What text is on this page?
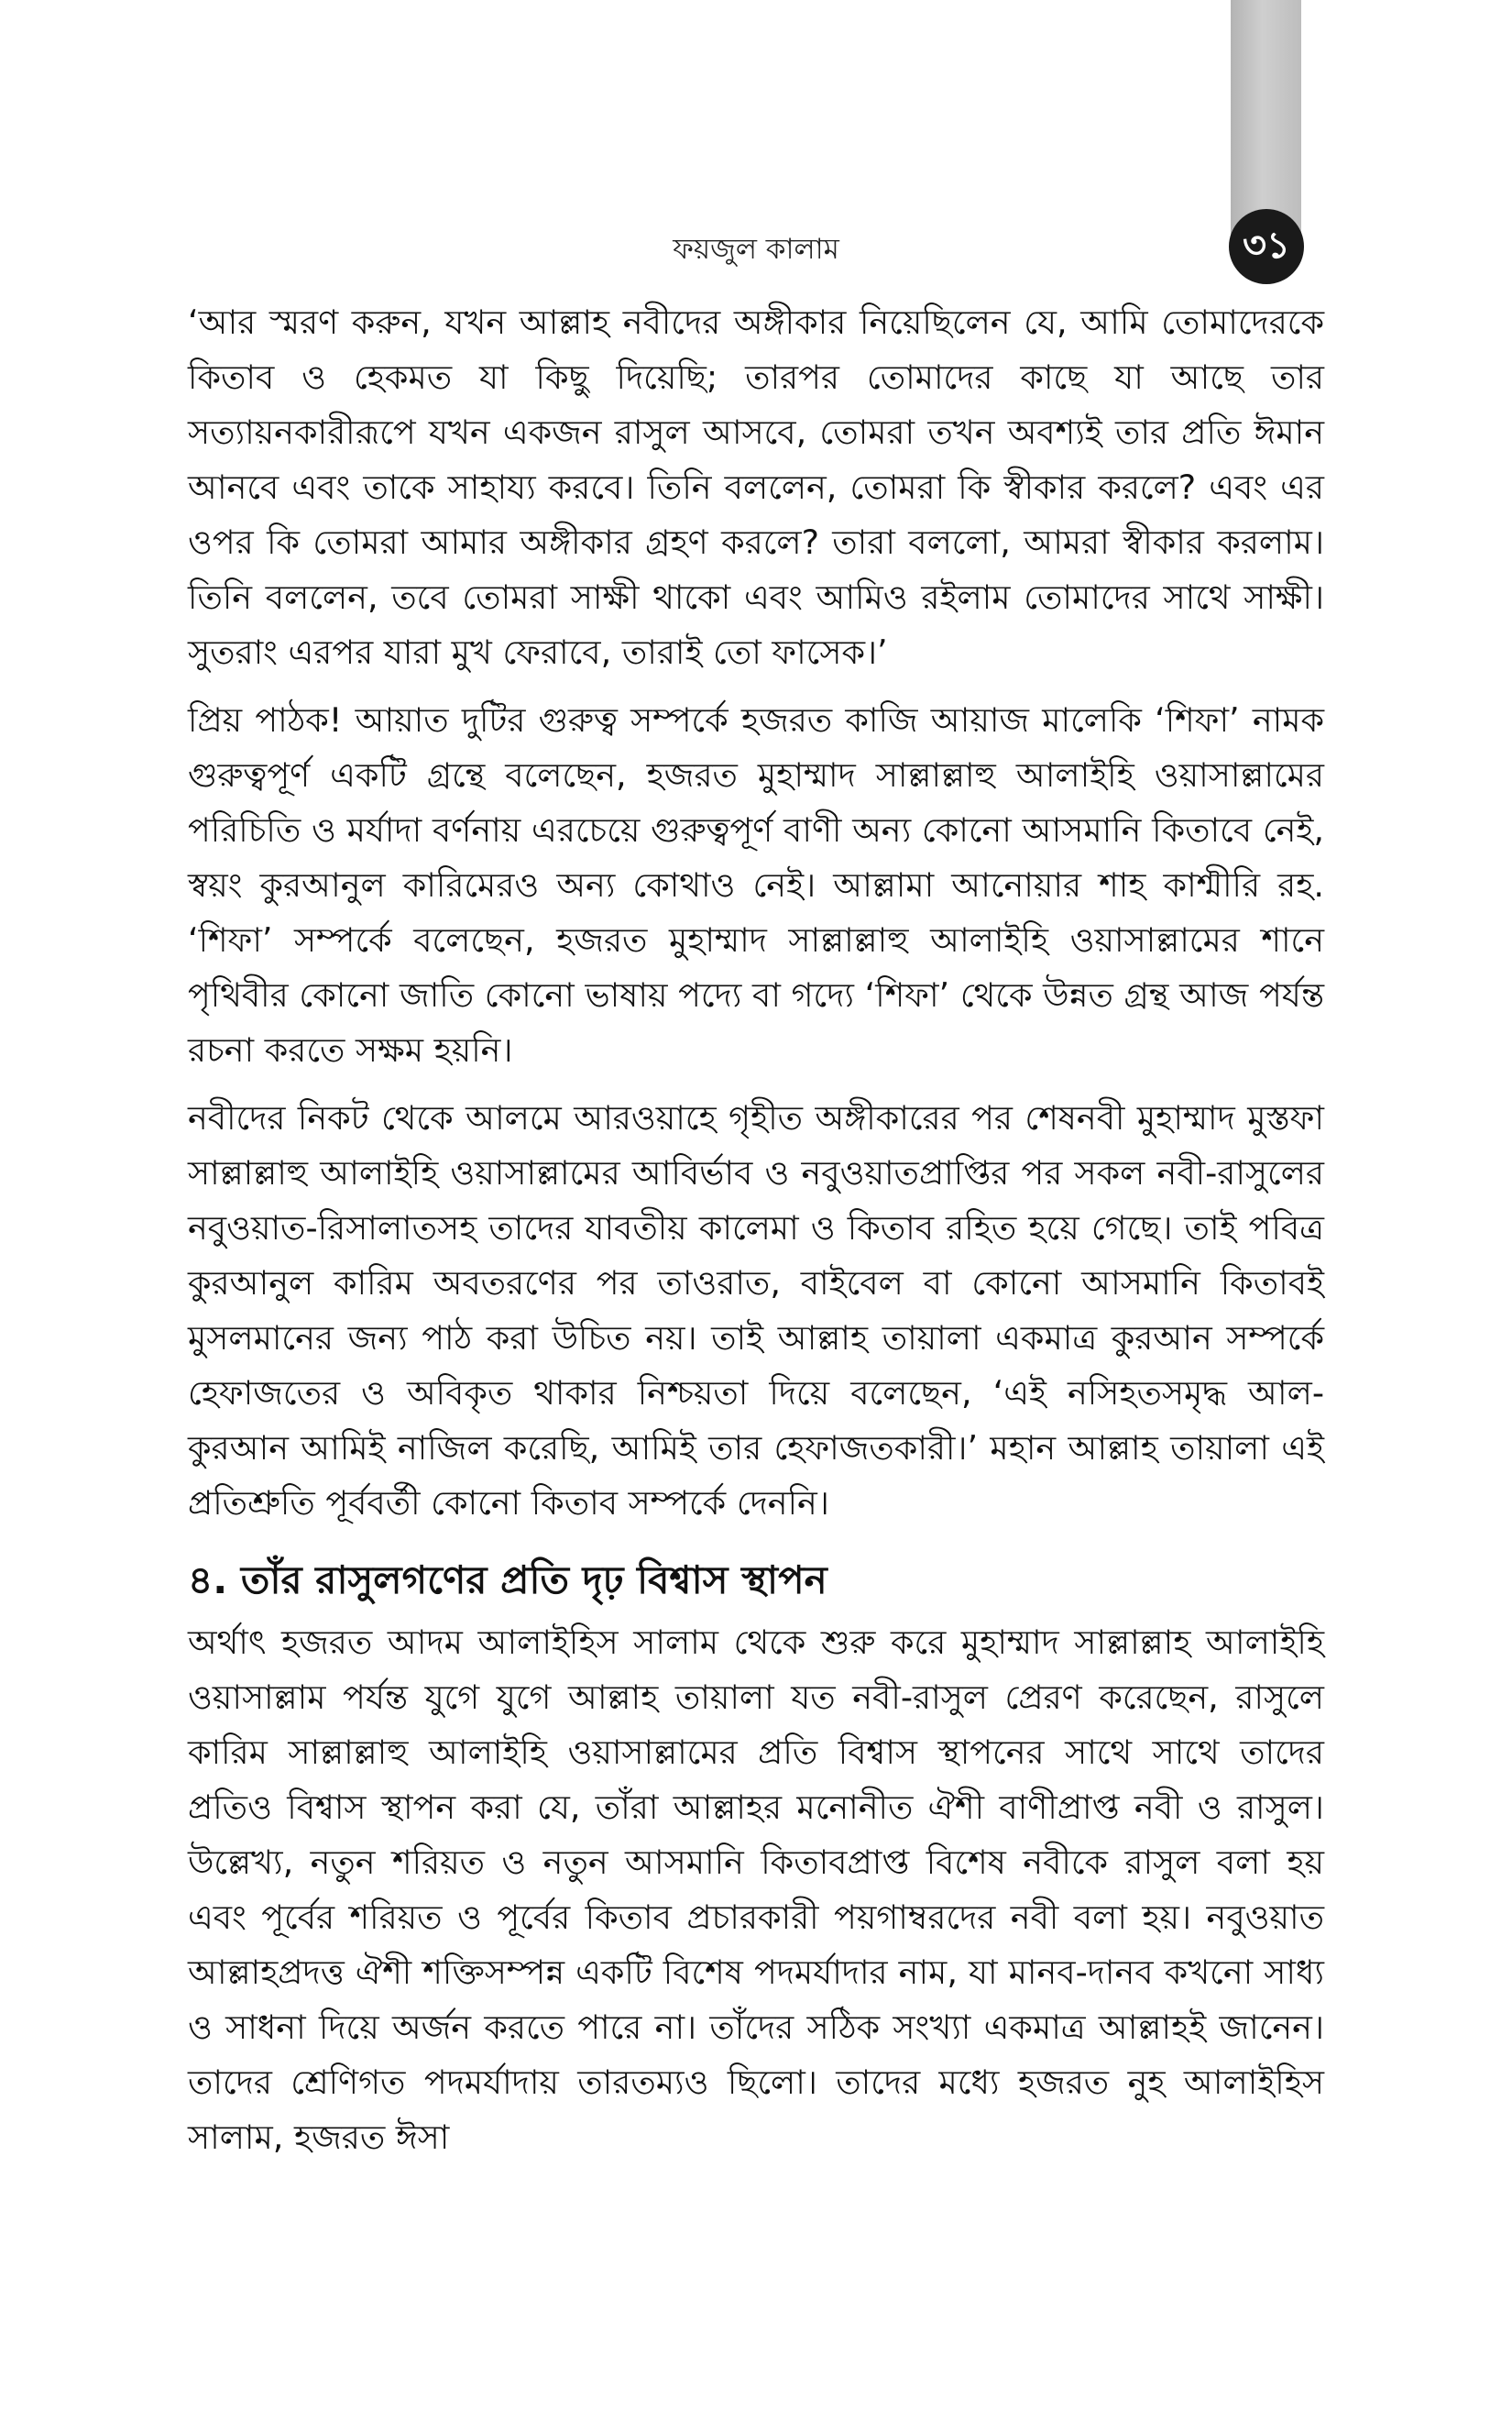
৩১
ফয়জুল কালাম

‘আর স্মরণ করুন, যখন আল্লাহ নবীদের অঙ্গীকার নিয়েছিলেন যে, আমি তোমাদেরকে কিতাব ও হেকমত যা কিছু দিয়েছি; তারপর তোমাদের কাছে যা আছে তার সত্যায়নকারীরূপে যখন একজন রাসুল আসবে, তোমরা তখন অবশ্যই তার প্রতি ঈমান আনবে এবং তাকে সাহায্য করবে। তিনি বললেন, তোমরা কি স্বীকার করলে? এবং এর ওপর কি তোমরা আমার অঙ্গীকার গ্রহণ করলে? তারা বললো, আমরা স্বীকার করলাম। তিনি বললেন, তবে তোমরা সাক্ষী থাকো এবং আমিও রইলাম তোমাদের সাথে সাক্ষী। সুতরাং এরপর যারা মুখ ফেরাবে, তারাই তো ফাসেক।’

প্রিয় পাঠক! আয়াত দুটির গুরুত্ব সম্পর্কে হজরত কাজি আয়াজ মালেকি ‘শিফা’ নামক গুরুত্বপূর্ণ একটি গ্রন্থে বলেছেন, হজরত মুহাম্মাদ সাল্লাল্লাহু আলাইহি ওয়াসাল্লামের পরিচিতি ও মর্যাদা বর্ণনায় এরচেয়ে গুরুত্বপূর্ণ বাণী অন্য কোনো আসমানি কিতাবে নেই, স্বয়ং কুরআনুল কারিমেরও অন্য কোথাও নেই। আল্লামা আনোয়ার শাহ কাশ্মীরি রহ. ‘শিফা’ সম্পর্কে বলেছেন, হজরত মুহাম্মাদ সাল্লাল্লাহু আলাইহি ওয়াসাল্লামের শানে পৃথিবীর কোনো জাতি কোনো ভাষায় পদ্যে বা গদ্যে ‘শিফা’ থেকে উন্নত গ্রন্থ আজ পর্যন্ত রচনা করতে সক্ষম হয়নি।

নবীদের নিকট থেকে আলমে আরওয়াহে গৃহীত অঙ্গীকারের পর শেষনবী মুহাম্মাদ মুস্তফা সাল্লাল্লাহু আলাইহি ওয়াসাল্লামের আবির্ভাব ও নবুওয়াতপ্রাপ্তির পর সকল নবী-রাসুলের নবুওয়াত-রিসালাতসহ তাদের যাবতীয় কালেমা ও কিতাব রহিত হয়ে গেছে। তাই পবিত্র কুরআনুল কারিম অবতরণের পর তাওরাত, বাইবেল বা কোনো আসমানি কিতাবই মুসলমানের জন্য পাঠ করা উচিত নয়। তাই আল্লাহ তায়ালা একমাত্র কুরআন সম্পর্কে হেফাজতের ও অবিকৃত থাকার নিশ্চয়তা দিয়ে বলেছেন, ‘এই নসিহতসমৃদ্ধ আল-কুরআন আমিই নাজিল করেছি, আমিই তার হেফাজতকারী।’ মহান আল্লাহ তায়ালা এই প্রতিশ্রুতি পূর্ববর্তী কোনো কিতাব সম্পর্কে দেননি।

৪. তাঁর রাসুলগণের প্রতি দৃঢ় বিশ্বাস স্থাপন

অর্থাৎ হজরত আদম আলাইহিস সালাম থেকে শুরু করে মুহাম্মাদ সাল্লাল্লাহ আলাইহি ওয়াসাল্লাম পর্যন্ত যুগে যুগে আল্লাহ তায়ালা যত নবী-রাসুল প্রেরণ করেছেন, রাসুলে কারিম সাল্লাল্লাহু আলাইহি ওয়াসাল্লামের প্রতি বিশ্বাস স্থাপনের সাথে সাথে তাদের প্রতিও বিশ্বাস স্থাপন করা যে, তাঁরা আল্লাহর মনোনীত ঐশী বাণীপ্রাপ্ত নবী ও রাসুল। উল্লেখ্য, নতুন শরিয়ত ও নতুন আসমানি কিতাবপ্রাপ্ত বিশেষ নবীকে রাসুল বলা হয় এবং পূর্বের শরিয়ত ও পূর্বের কিতাব প্রচারকারী পয়গাম্বরদের নবী বলা হয়। নবুওয়াত আল্লাহপ্রদত্ত ঐশী শক্তিসম্পন্ন একটি বিশেষ পদমর্যাদার নাম, যা মানব-দানব কখনো সাধ্য ও সাধনা দিয়ে অর্জন করতে পারে না। তাঁদের সঠিক সংখ্যা একমাত্র আল্লাহই জানেন। তাদের শ্রেণিগত পদমর্যাদায় তারতম্যও ছিলো। তাদের মধ্যে হজরত নুহ আলাইহিস সালাম, হজরত ঈসা
